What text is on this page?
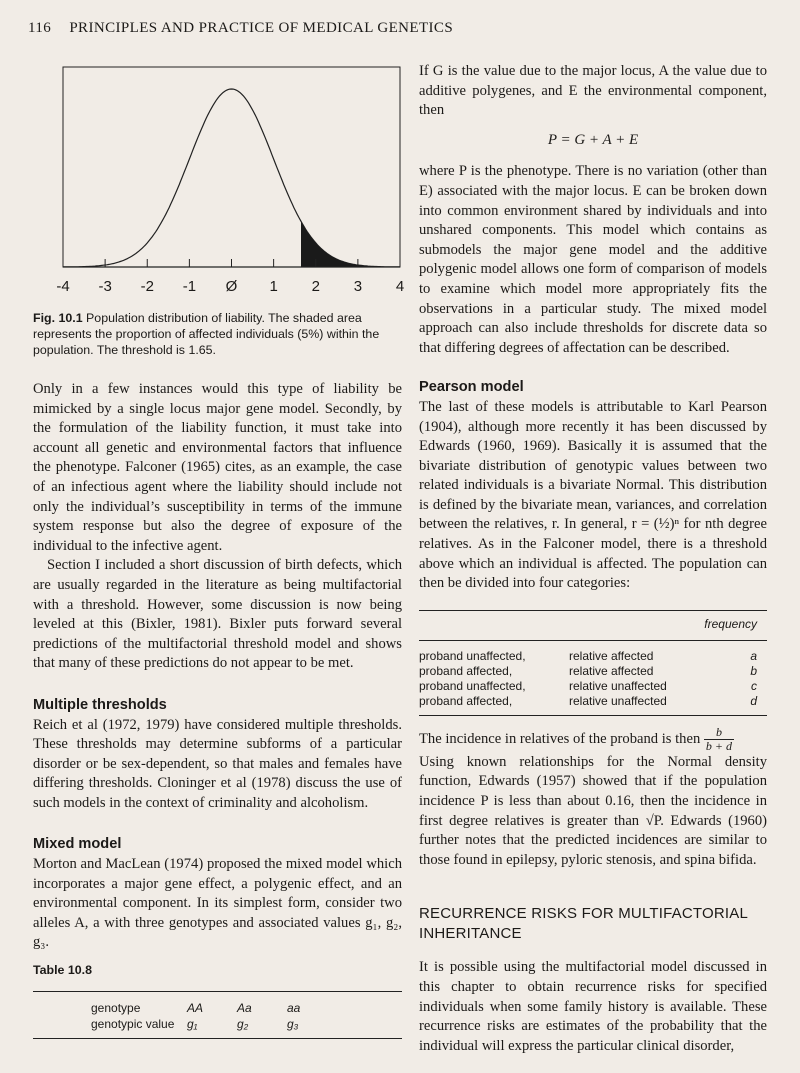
116 PRINCIPLES AND PRACTICE OF MEDICAL GENETICS
-4 -3 -2 -1 Ø 1 2 3 4
Fig. 10.1 Population distribution of liability. The shaded area represents the proportion of affected individuals (5%) within the population. The threshold is 1.65.

Only in a few instances would this type of liability be mimicked by a single locus major gene model. Secondly, by the formulation of the liability function, it must take into account all genetic and environmental factors that influence the phenotype. Falconer (1965) cites, as an example, the case of an infectious agent where the liability should include not only the individual’s susceptibility in terms of the immune system response but also the degree of exposure of the individual to the infective agent.

Section I included a short discussion of birth defects, which are usually regarded in the literature as being multifactorial with a threshold. However, some discussion is now being leveled at this (Bixler, 1981). Bixler puts forward several predictions of the multifactorial threshold model and shows that many of these predictions do not appear to be met.

Multiple thresholds

Reich et al (1972, 1979) have considered multiple thresholds. These thresholds may determine subforms of a particular disorder or be sex-dependent, so that males and females have differing thresholds. Cloninger et al (1978) discuss the use of such models in the context of criminality and alcoholism.

Mixed model

Morton and MacLean (1974) proposed the mixed model which incorporates a major gene effect, a polygenic effect, and an environmental component. In its simplest form, consider two alleles A, a with three genotypes and associated values g₁, g₂, g₃.

Table 10.8
genotype	AA	Aa	aa
genotypic value	g₁	g₂	g₃

If G is the value due to the major locus, A the value due to additive polygenes, and E the environmental component, then

P = G + A + E

where P is the phenotype. There is no variation (other than E) associated with the major locus. E can be broken down into common environment shared by individuals and into unshared components. This model which contains as submodels the major gene model and the additive polygenic model allows one form of comparison of models to examine which model more appropriately fits the observations in a particular study. The mixed model approach can also include thresholds for discrete data so that differing degrees of affectation can be described.

Pearson model

The last of these models is attributable to Karl Pearson (1904), although more recently it has been discussed by Edwards (1960, 1969). Basically it is assumed that the bivariate distribution of genotypic values between two related individuals is a bivariate Normal. This distribution is defined by the bivariate mean, variances, and correlation between the relatives, r. In general, r = (½)ⁿ for nth degree relatives. As in the Falconer model, there is a threshold above which an individual is affected. The population can then be divided into four categories:

frequency
proband unaffected,	relative affected	a
proband affected,	relative affected	b
proband unaffected,	relative unaffected	c
proband affected,	relative unaffected	d

The incidence in relatives of the proband is then $\frac{b}{b + d}$

Using known relationships for the Normal density function, Edwards (1957) showed that if the population incidence P is less than about 0.16, then the incidence in first degree relatives is greater than √P. Edwards (1960) further notes that the predicted incidences are similar to those found in epilepsy, pyloric stenosis, and spina bifida.

RECURRENCE RISKS FOR MULTIFACTORIAL INHERITANCE

It is possible using the multifactorial model discussed in this chapter to obtain recurrence risks for specified individuals when some family history is available. These recurrence risks are estimates of the probability that the individual will express the particular clinical disorder,
